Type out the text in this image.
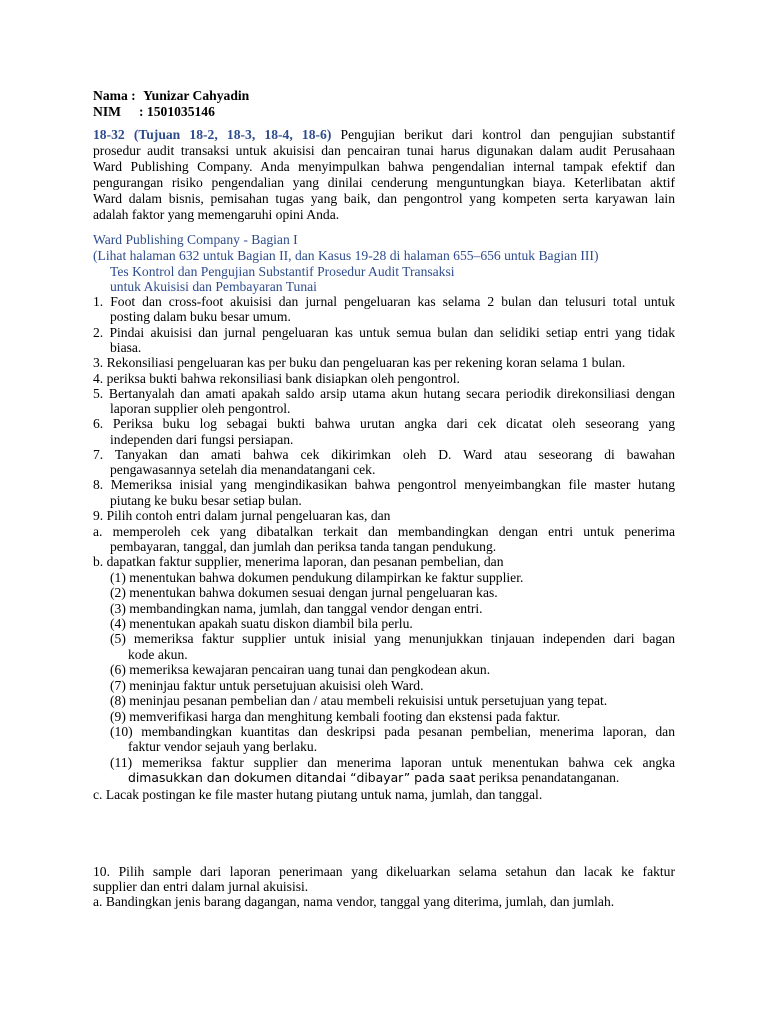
Nama : Yunizar Cahyadin
NIM : 1501035146
18-32 (Tujuan 18-2, 18-3, 18-4, 18-6) Pengujian berikut dari kontrol dan pengujian substantif
prosedur audit transaksi untuk akuisisi dan pencairan tunai harus digunakan dalam audit Perusahaan
Ward Publishing Company. Anda menyimpulkan bahwa pengendalian internal tampak efektif dan
pengurangan risiko pengendalian yang dinilai cenderung menguntungkan biaya. Keterlibatan aktif
Ward dalam bisnis, pemisahan tugas yang baik, dan pengontrol yang kompeten serta karyawan lain
adalah faktor yang memengaruhi opini Anda.
Ward Publishing Company - Bagian I
(Lihat halaman 632 untuk Bagian II, dan Kasus 19-28 di halaman 655–656 untuk Bagian III)
Tes Kontrol dan Pengujian Substantif Prosedur Audit Transaksi
untuk Akuisisi dan Pembayaran Tunai
1. Foot dan cross-foot akuisisi dan jurnal pengeluaran kas selama 2 bulan dan telusuri total untuk
posting dalam buku besar umum.
2. Pindai akuisisi dan jurnal pengeluaran kas untuk semua bulan dan selidiki setiap entri yang tidak
biasa.
3. Rekonsiliasi pengeluaran kas per buku dan pengeluaran kas per rekening koran selama 1 bulan.
4. periksa bukti bahwa rekonsiliasi bank disiapkan oleh pengontrol.
5. Bertanyalah dan amati apakah saldo arsip utama akun hutang secara periodik direkonsiliasi dengan
laporan supplier oleh pengontrol.
6. Periksa buku log sebagai bukti bahwa urutan angka dari cek dicatat oleh seseorang yang
independen dari fungsi persiapan.
7. Tanyakan dan amati bahwa cek dikirimkan oleh D. Ward atau seseorang di bawahan
pengawasannya setelah dia menandatangani cek.
8. Memeriksa inisial yang mengindikasikan bahwa pengontrol menyeimbangkan file master hutang
piutang ke buku besar setiap bulan.
9. Pilih contoh entri dalam jurnal pengeluaran kas, dan
a. memperoleh cek yang dibatalkan terkait dan membandingkan dengan entri untuk penerima
pembayaran, tanggal, dan jumlah dan periksa tanda tangan pendukung.
b. dapatkan faktur supplier, menerima laporan, dan pesanan pembelian, dan
(1) menentukan bahwa dokumen pendukung dilampirkan ke faktur supplier.
(2) menentukan bahwa dokumen sesuai dengan jurnal pengeluaran kas.
(3) membandingkan nama, jumlah, dan tanggal vendor dengan entri.
(4) menentukan apakah suatu diskon diambil bila perlu.
(5) memeriksa faktur supplier untuk inisial yang menunjukkan tinjauan independen dari bagan
kode akun.
(6) memeriksa kewajaran pencairan uang tunai dan pengkodean akun.
(7) meninjau faktur untuk persetujuan akuisisi oleh Ward.
(8) meninjau pesanan pembelian dan / atau membeli rekuisisi untuk persetujuan yang tepat.
(9) memverifikasi harga dan menghitung kembali footing dan ekstensi pada faktur.
(10) membandingkan kuantitas dan deskripsi pada pesanan pembelian, menerima laporan, dan
faktur vendor sejauh yang berlaku.
(11) memeriksa faktur supplier dan menerima laporan untuk menentukan bahwa cek angka
dimasukkan dan dokumen ditandai “dibayar” pada saat periksa penandatanganan.
c. Lacak postingan ke file master hutang piutang untuk nama, jumlah, dan tanggal.
10. Pilih sample dari laporan penerimaan yang dikeluarkan selama setahun dan lacak ke faktur
supplier dan entri dalam jurnal akuisisi.
a. Bandingkan jenis barang dagangan, nama vendor, tanggal yang diterima, jumlah, dan jumlah.
